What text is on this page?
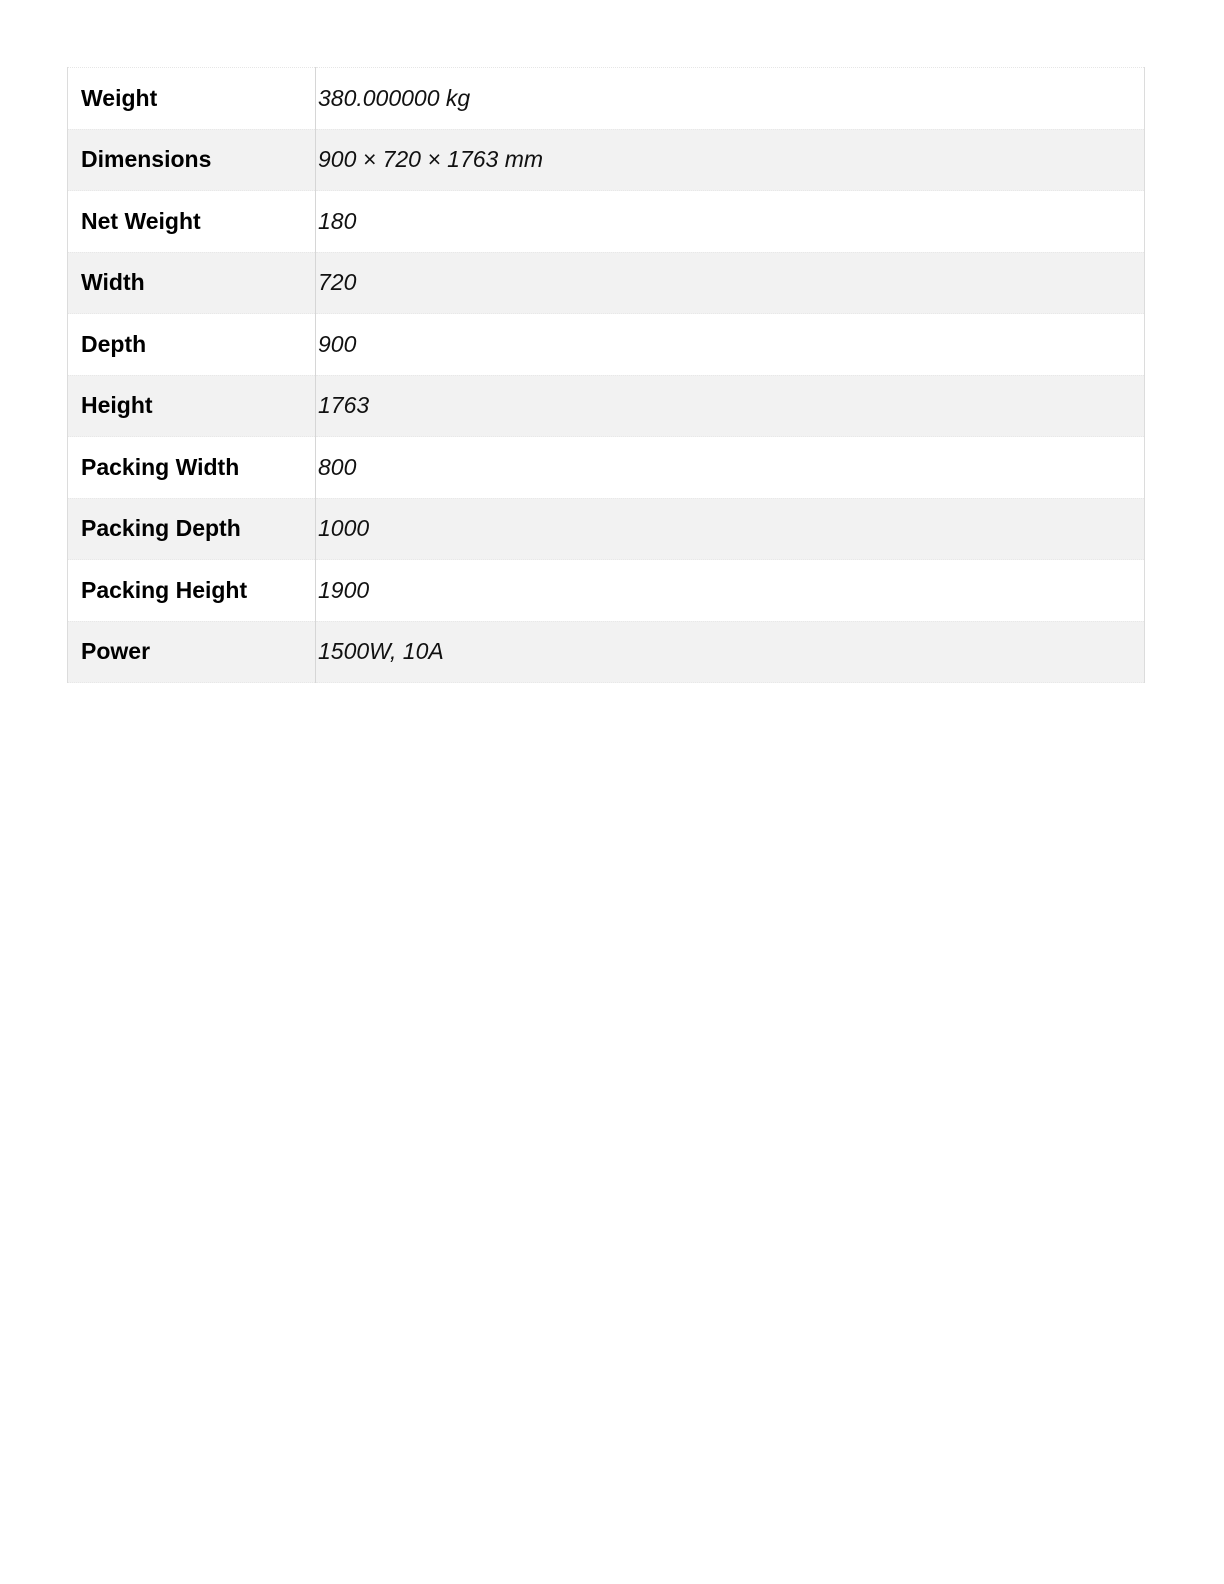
Weight	380.000000 kg
Dimensions	900 × 720 × 1763 mm
Net Weight	180
Width	720
Depth	900
Height	1763
Packing Width	800
Packing Depth	1000
Packing Height	1900
Power	1500W, 10A
